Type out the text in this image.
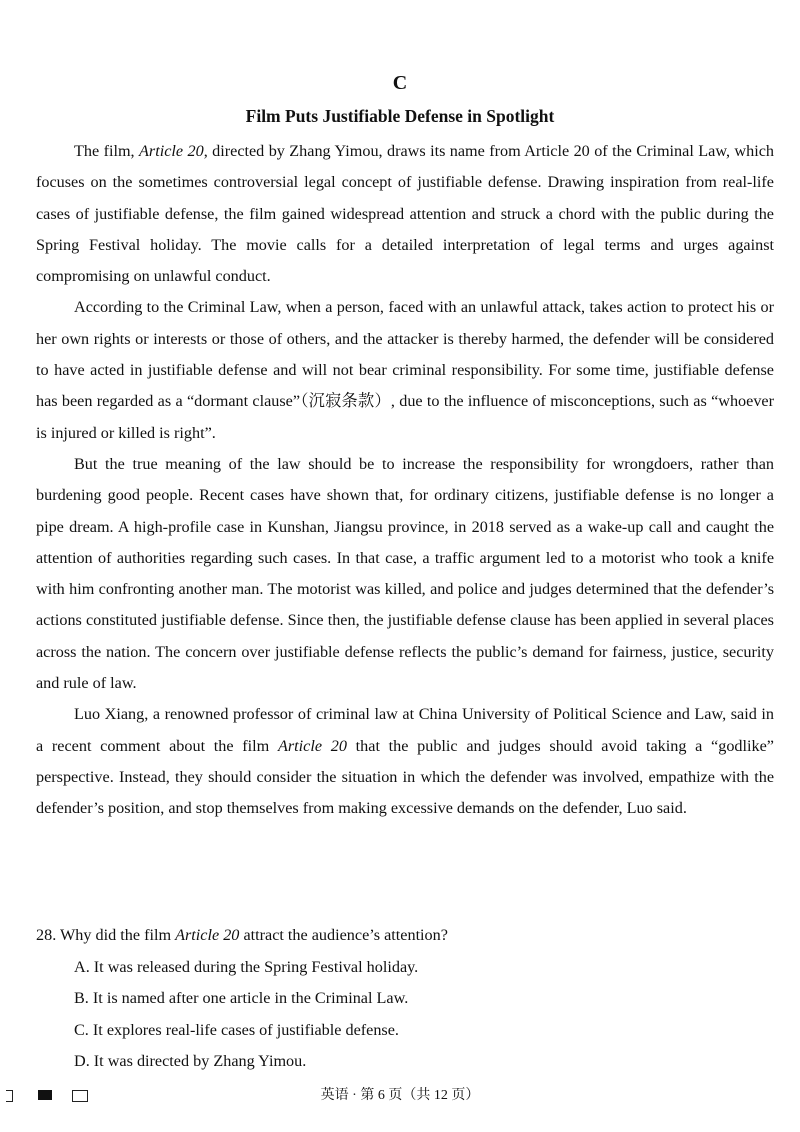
C
Film Puts Justifiable Defense in Spotlight

The film, Article 20, directed by Zhang Yimou, draws its name from Article 20 of the Criminal Law, which focuses on the sometimes controversial legal concept of justifiable defense. Drawing inspiration from real-life cases of justifiable defense, the film gained widespread attention and struck a chord with the public during the Spring Festival holiday. The movie calls for a detailed interpretation of legal terms and urges against compromising on unlawful conduct.

According to the Criminal Law, when a person, faced with an unlawful attack, takes action to protect his or her own rights or interests or those of others, and the attacker is thereby harmed, the defender will be considered to have acted in justifiable defense and will not bear criminal responsibility. For some time, justifiable defense has been regarded as a “dormant clause”（沉寂条款）, due to the influence of misconceptions, such as “whoever is injured or killed is right”.

But the true meaning of the law should be to increase the responsibility for wrongdoers, rather than burdening good people. Recent cases have shown that, for ordinary citizens, justifiable defense is no longer a pipe dream. A high-profile case in Kunshan, Jiangsu province, in 2018 served as a wake-up call and caught the attention of authorities regarding such cases. In that case, a traffic argument led to a motorist who took a knife with him confronting another man. The motorist was killed, and police and judges determined that the defender’s actions constituted justifiable defense. Since then, the justifiable defense clause has been applied in several places across the nation. The concern over justifiable defense reflects the public’s demand for fairness, justice, security and rule of law.

Luo Xiang, a renowned professor of criminal law at China University of Political Science and Law, said in a recent comment about the film Article 20 that the public and judges should avoid taking a “godlike” perspective. Instead, they should consider the situation in which the defender was involved, empathize with the defender’s position, and stop themselves from making excessive demands on the defender, Luo said.

28. Why did the film Article 20 attract the audience’s attention?
A. It was released during the Spring Festival holiday.
B. It is named after one article in the Criminal Law.
C. It explores real-life cases of justifiable defense.
D. It was directed by Zhang Yimou.
英语 · 第 6 页（共 12 页）
